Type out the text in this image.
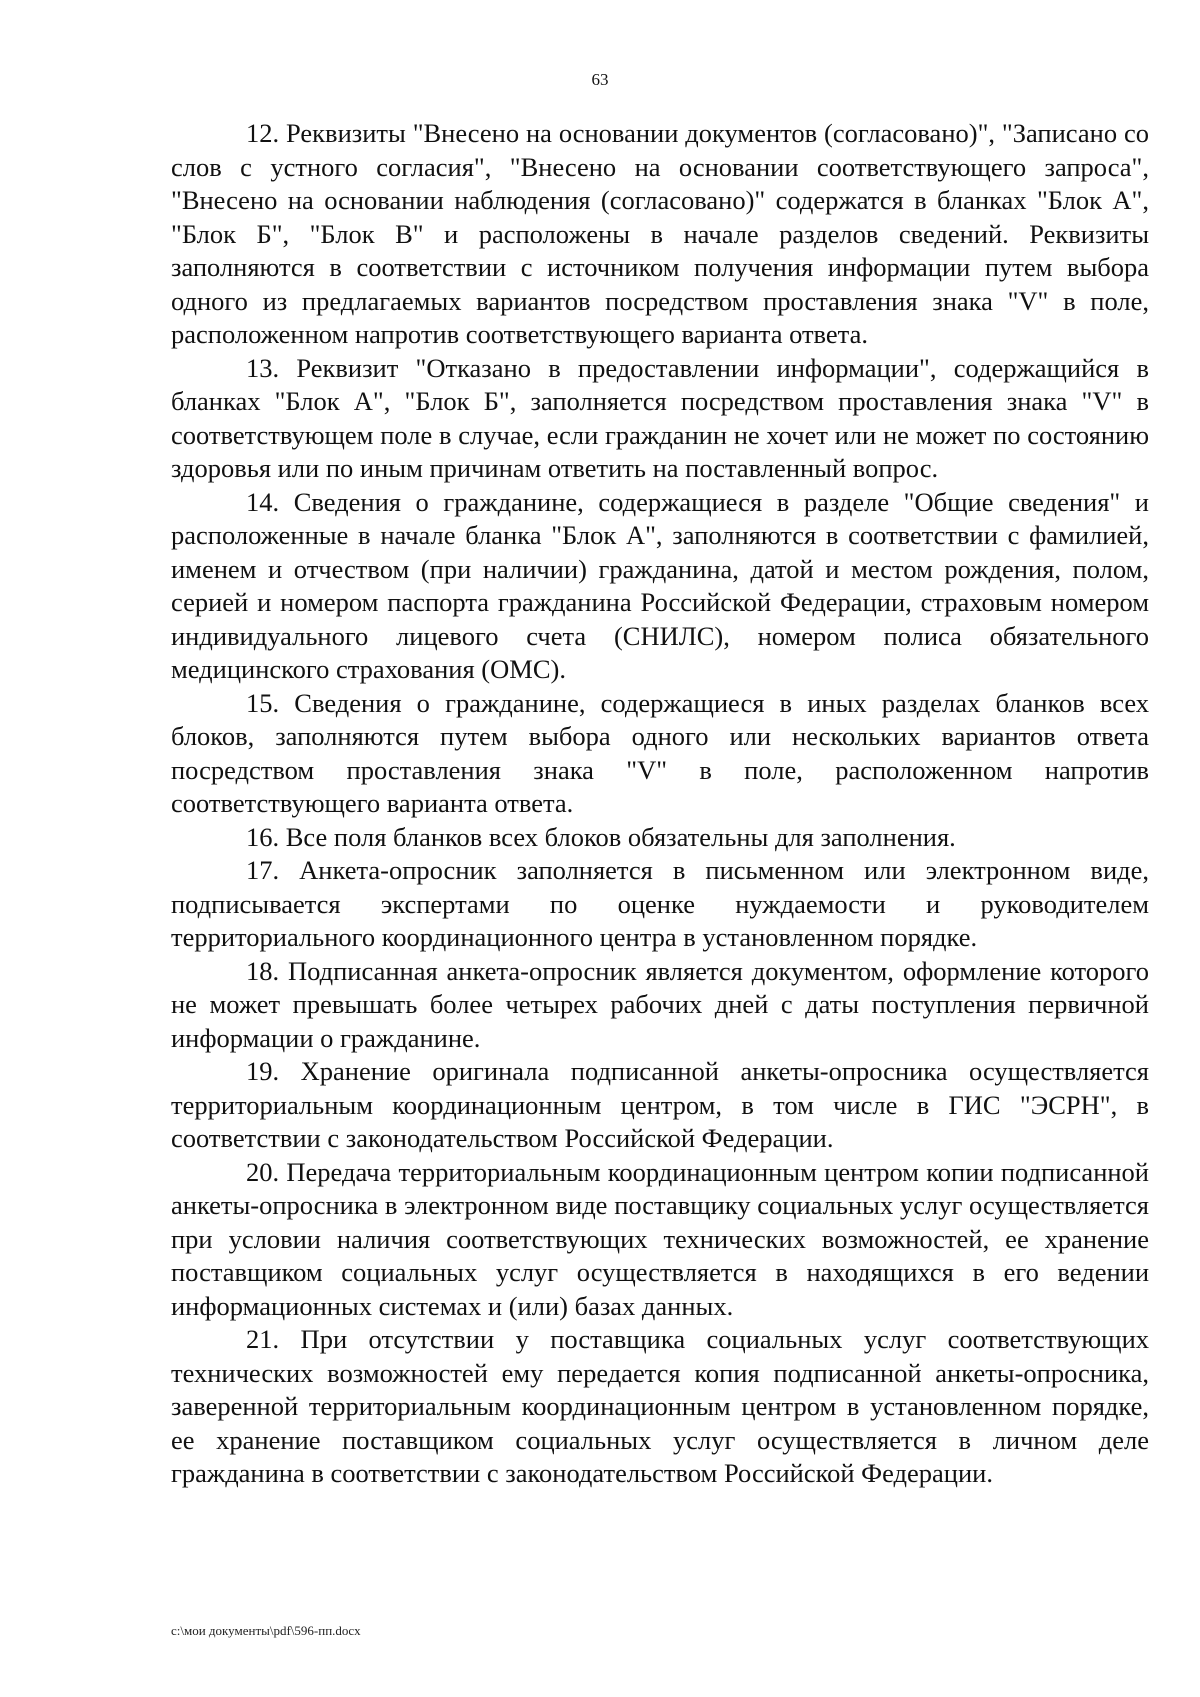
63

12. Реквизиты "Внесено на основании документов (согласовано)", "Записано со слов с устного согласия", "Внесено на основании соответствующего запроса", "Внесено на основании наблюдения (согласовано)" содержатся в бланках "Блок А", "Блок Б", "Блок В" и расположены в начале разделов сведений. Реквизиты заполняются в соответствии с источником получения информации путем выбора одного из предлагаемых вариантов посредством проставления знака "V" в поле, расположенном напротив соответствующего варианта ответа.

13. Реквизит "Отказано в предоставлении информации", содержащийся в бланках "Блок А", "Блок Б", заполняется посредством проставления знака "V" в соответствующем поле в случае, если гражданин не хочет или не может по состоянию здоровья или по иным причинам ответить на поставленный вопрос.

14. Сведения о гражданине, содержащиеся в разделе "Общие сведения" и расположенные в начале бланка "Блок А", заполняются в соответствии с фамилией, именем и отчеством (при наличии) гражданина, датой и местом рождения, полом, серией и номером паспорта гражданина Российской Федерации, страховым номером индивидуального лицевого счета (СНИЛС), номером полиса обязательного медицинского страхования (ОМС).

15. Сведения о гражданине, содержащиеся в иных разделах бланков всех блоков, заполняются путем выбора одного или нескольких вариантов ответа посредством проставления знака "V" в поле, расположенном напротив соответствующего варианта ответа.

16. Все поля бланков всех блоков обязательны для заполнения.

17. Анкета-опросник заполняется в письменном или электронном виде, подписывается экспертами по оценке нуждаемости и руководителем территориального координационного центра в установленном порядке.

18. Подписанная анкета-опросник является документом, оформление которого не может превышать более четырех рабочих дней с даты поступления первичной информации о гражданине.

19. Хранение оригинала подписанной анкеты-опросника осуществляется территориальным координационным центром, в том числе в ГИС "ЭСРН", в соответствии с законодательством Российской Федерации.

20. Передача территориальным координационным центром копии подписанной анкеты-опросника в электронном виде поставщику социальных услуг осуществляется при условии наличия соответствующих технических возможностей, ее хранение поставщиком социальных услуг осуществляется в находящихся в его ведении информационных системах и (или) базах данных.

21. При отсутствии у поставщика социальных услуг соответствующих технических возможностей ему передается копия подписанной анкеты-опросника, заверенной территориальным координационным центром в установленном порядке, ее хранение поставщиком социальных услуг осуществляется в личном деле гражданина в соответствии с законодательством Российской Федерации.

c:\мои документы\pdf\596-пп.docx
